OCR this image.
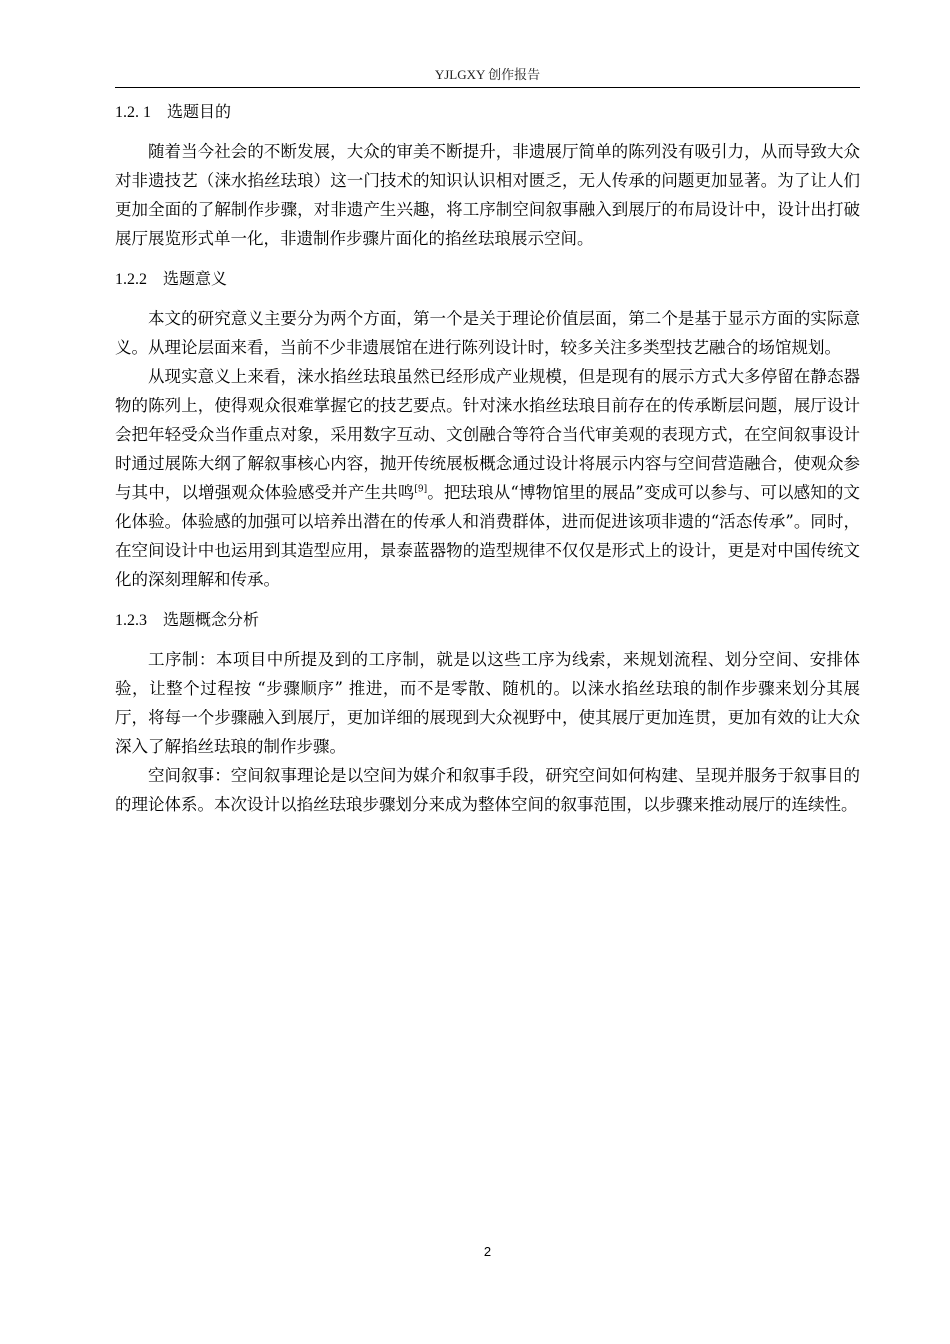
YJLGXY 创作报告
1.2. 1 选题目的

随着当今社会的不断发展，大众的审美不断提升，非遗展厅简单的陈列没有吸引力，从而导致大众对非遗技艺（涞水掐丝珐琅）这一门技术的知识认识相对匮乏，无人传承的问题更加显著。为了让人们更加全面的了解制作步骤，对非遗产生兴趣，将工序制空间叙事融入到展厅的布局设计中，设计出打破展厅展览形式单一化，非遗制作步骤片面化的掐丝珐琅展示空间。

1.2.2 选题意义

本文的研究意义主要分为两个方面，第一个是关于理论价值层面，第二个是基于显示方面的实际意义。从理论层面来看，当前不少非遗展馆在进行陈列设计时，较多关注多类型技艺融合的场馆规划。

从现实意义上来看，涞水掐丝珐琅虽然已经形成产业规模，但是现有的展示方式大多停留在静态器物的陈列上，使得观众很难掌握它的技艺要点。针对涞水掐丝珐琅目前存在的传承断层问题，展厅设计会把年轻受众当作重点对象，采用数字互动、文创融合等符合当代审美观的表现方式，在空间叙事设计时通过展陈大纲了解叙事核心内容，抛开传统展板概念通过设计将展示内容与空间营造融合，使观众参与其中，以增强观众体验感受并产生共鸣[9]。把珐琅从“博物馆里的展品”变成可以参与、可以感知的文化体验。体验感的加强可以培养出潜在的传承人和消费群体，进而促进该项非遗的“活态传承”。同时，在空间设计中也运用到其造型应用，景泰蓝器物的造型规律不仅仅是形式上的设计，更是对中国传统文化的深刻理解和传承。

1.2.3 选题概念分析

工序制：本项目中所提及到的工序制，就是以这些工序为线索，来规划流程、划分空间、安排体验，让整个过程按 “步骤顺序” 推进，而不是零散、随机的。以涞水掐丝珐琅的制作步骤来划分其展厅，将每一个步骤融入到展厅，更加详细的展现到大众视野中，使其展厅更加连贯，更加有效的让大众深入了解掐丝珐琅的制作步骤。

空间叙事：空间叙事理论是以空间为媒介和叙事手段，研究空间如何构建、呈现并服务于叙事目的的理论体系。本次设计以掐丝珐琅步骤划分来成为整体空间的叙事范围，以步骤来推动展厅的连续性。

2
